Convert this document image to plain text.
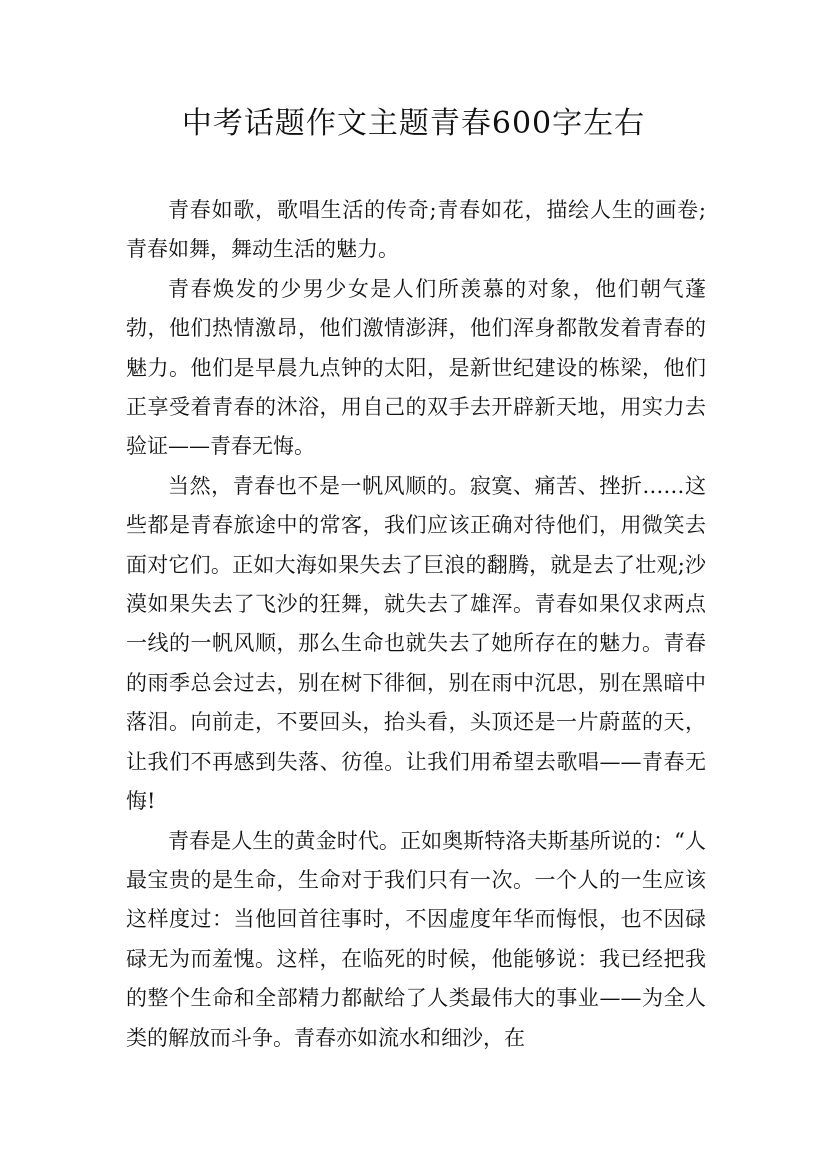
中考话题作文主题青春600字左右

青春如歌，歌唱生活的传奇;青春如花，描绘人生的画卷;青春如舞，舞动生活的魅力。

青春焕发的少男少女是人们所羡慕的对象，他们朝气蓬勃，他们热情激昂，他们激情澎湃，他们浑身都散发着青春的魅力。他们是早晨九点钟的太阳，是新世纪建设的栋梁，他们正享受着青春的沐浴，用自己的双手去开辟新天地，用实力去验证——青春无悔。

当然，青春也不是一帆风顺的。寂寞、痛苦、挫折……这些都是青春旅途中的常客，我们应该正确对待他们，用微笑去面对它们。正如大海如果失去了巨浪的翻腾，就是去了壮观;沙漠如果失去了飞沙的狂舞，就失去了雄浑。青春如果仅求两点一线的一帆风顺，那么生命也就失去了她所存在的魅力。青春的雨季总会过去，别在树下徘徊，别在雨中沉思，别在黑暗中落泪。向前走，不要回头，抬头看，头顶还是一片蔚蓝的天，让我们不再感到失落、彷徨。让我们用希望去歌唱——青春无悔!

青春是人生的黄金时代。正如奥斯特洛夫斯基所说的：“人最宝贵的是生命，生命对于我们只有一次。一个人的一生应该这样度过：当他回首往事时，不因虚度年华而悔恨，也不因碌碌无为而羞愧。这样，在临死的时候，他能够说：我已经把我的整个生命和全部精力都献给了人类最伟大的事业——为全人类的解放而斗争。青春亦如流水和细沙，在
